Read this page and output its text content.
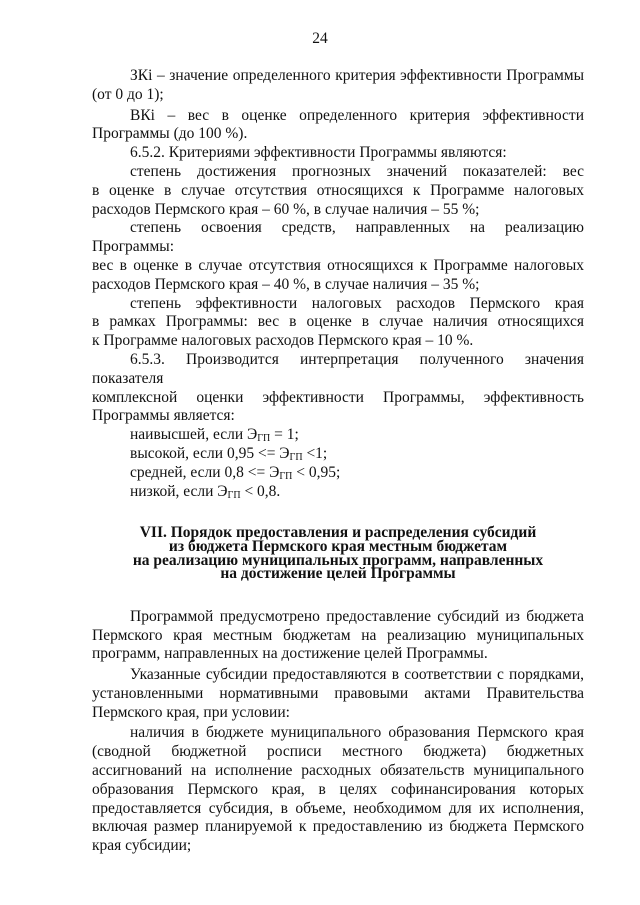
24
ЗКi – значение определенного критерия эффективности Программы
(от 0 до 1);
ВКi – вес в оценке определенного критерия эффективности
Программы (до 100 %).
6.5.2. Критериями эффективности Программы являются:
степень достижения прогнозных значений показателей: вес
в оценке в случае отсутствия относящихся к Программе налоговых
расходов Пермского края – 60 %, в случае наличия – 55 %;
степень освоения средств, направленных на реализацию Программы:
вес в оценке в случае отсутствия относящихся к Программе налоговых
расходов Пермского края – 40 %, в случае наличия – 35 %;
степень эффективности налоговых расходов Пермского края
в рамках Программы: вес в оценке в случае наличия относящихся
к Программе налоговых расходов Пермского края – 10 %.
6.5.3. Производится интерпретация полученного значения показателя
комплексной оценки эффективности Программы, эффективность
Программы является:
наивысшей, если $Э_{ГП} = 1$;
высокой, если $0,95 <= Э_{ГП} <1$;
средней, если $0,8 <= Э_{ГП} < 0,95$;
низкой, если $Э_{ГП} < 0,8$.
VII. Порядок предоставления и распределения субсидий
из бюджета Пермского края местным бюджетам
на реализацию муниципальных программ, направленных
на достижение целей Программы
Программой предусмотрено предоставление субсидий из бюджета
Пермского края местным бюджетам на реализацию муниципальных
программ, направленных на достижение целей Программы.
Указанные субсидии предоставляются в соответствии с порядками,
установленными нормативными правовыми актами Правительства
Пермского края, при условии:
наличия в бюджете муниципального образования Пермского края
(сводной бюджетной росписи местного бюджета) бюджетных
ассигнований на исполнение расходных обязательств муниципального
образования Пермского края, в целях софинансирования которых
предоставляется субсидия, в объеме, необходимом для их исполнения,
включая размер планируемой к предоставлению из бюджета Пермского
края субсидии;
